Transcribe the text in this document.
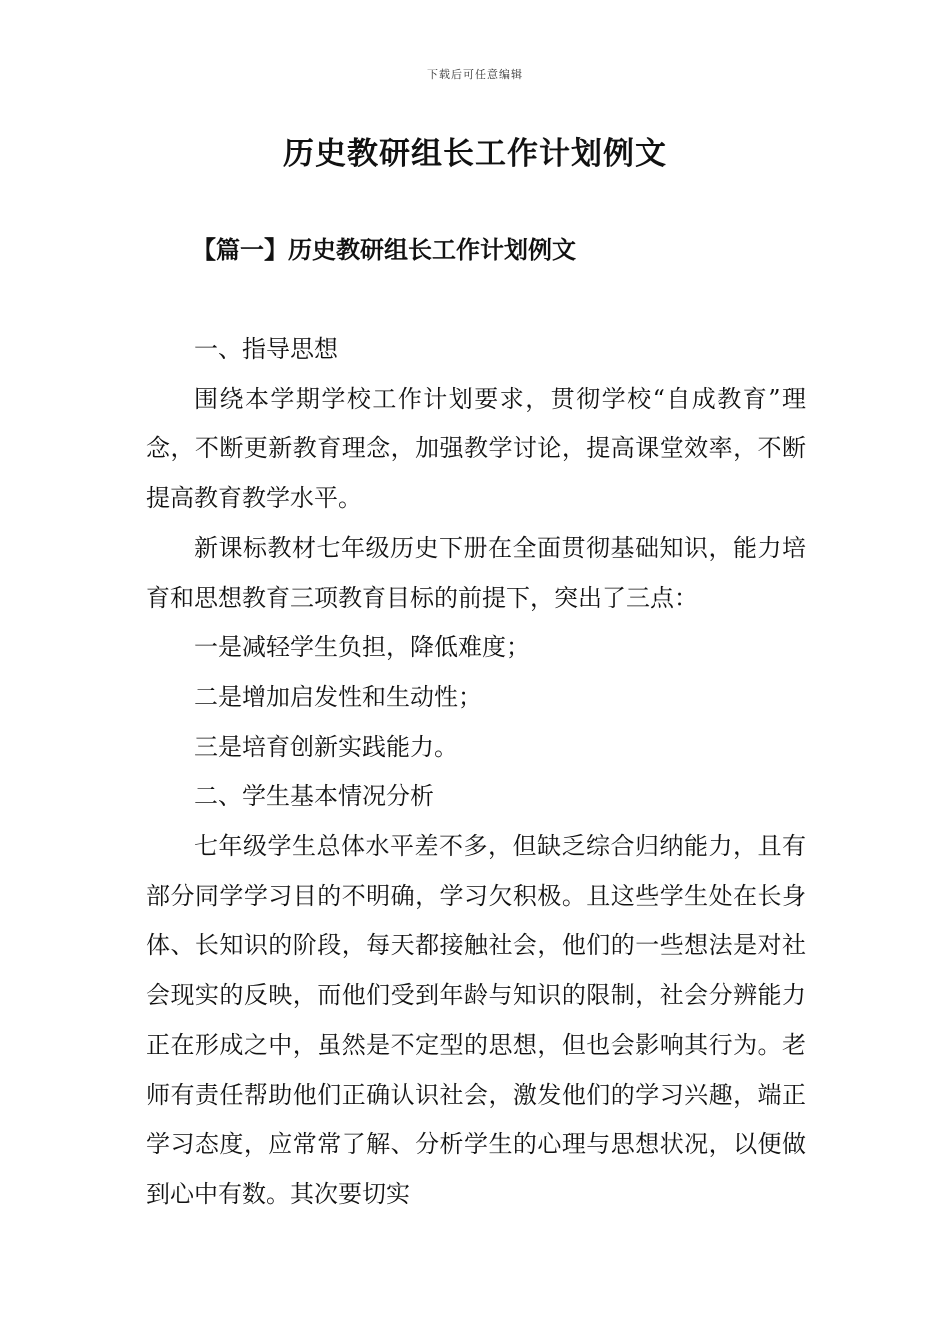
下载后可任意编辑
历史教研组长工作计划例文
【篇一】历史教研组长工作计划例文

一、指导思想

围绕本学期学校工作计划要求，贯彻学校“自成教育”理念，不断更新教育理念，加强教学讨论，提高课堂效率，不断提高教育教学水平。

新课标教材七年级历史下册在全面贯彻基础知识，能力培育和思想教育三项教育目标的前提下，突出了三点：

一是减轻学生负担，降低难度；

二是增加启发性和生动性；

三是培育创新实践能力。

二、学生基本情况分析

七年级学生总体水平差不多，但缺乏综合归纳能力，且有部分同学学习目的不明确，学习欠积极。且这些学生处在长身体、长知识的阶段，每天都接触社会，他们的一些想法是对社会现实的反映，而他们受到年龄与知识的限制，社会分辨能力正在形成之中，虽然是不定型的思想，但也会影响其行为。老师有责任帮助他们正确认识社会，激发他们的学习兴趣，端正学习态度，应常常了解、分析学生的心理与思想状况，以便做到心中有数。其次要切实
